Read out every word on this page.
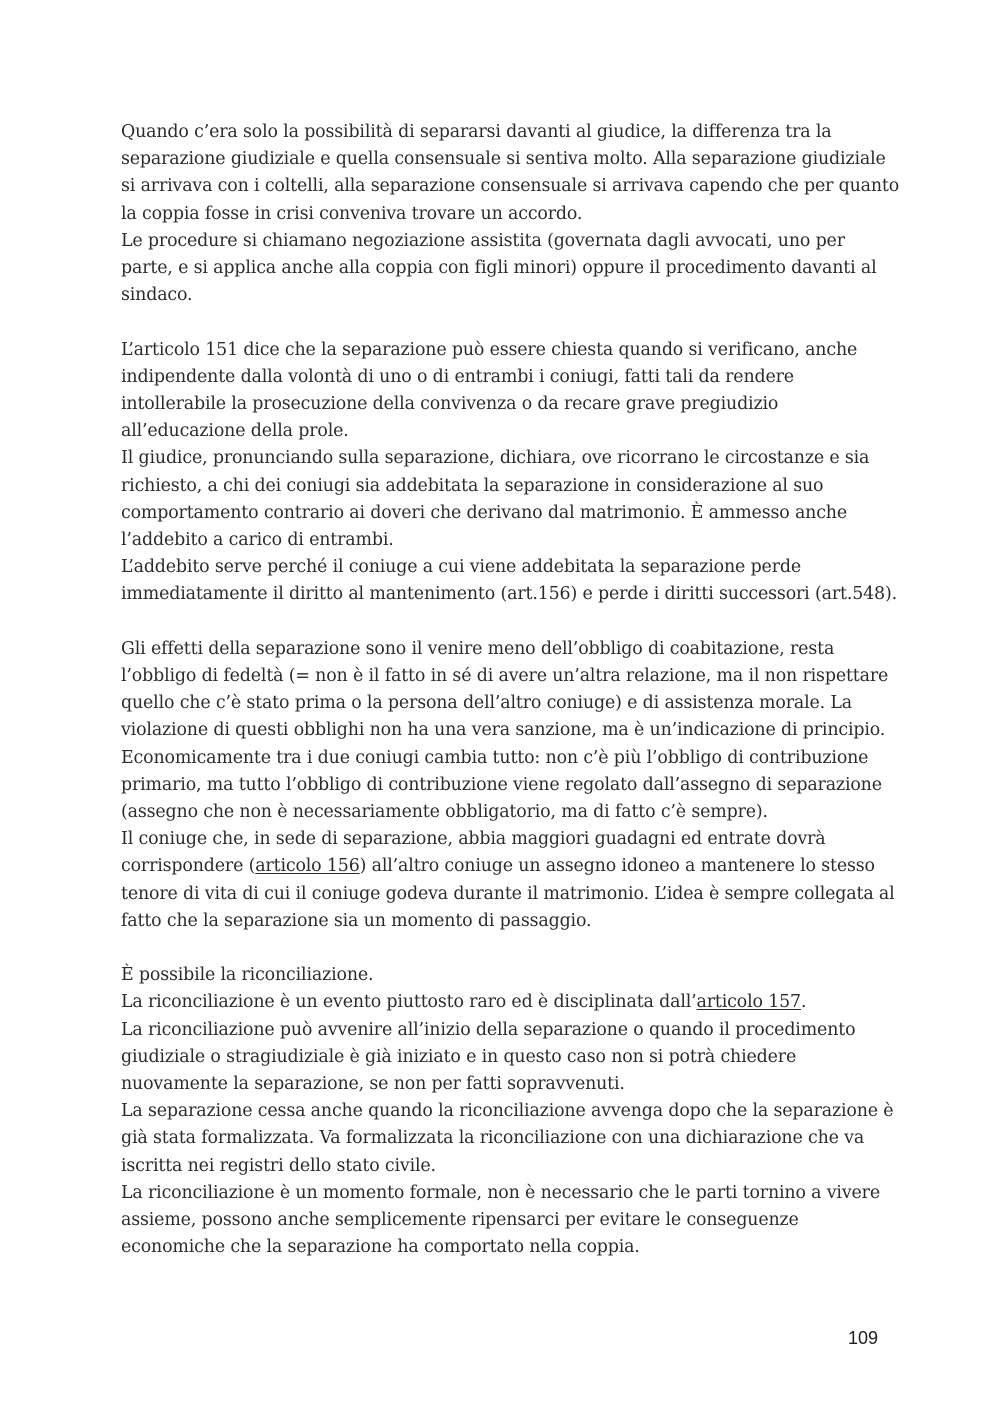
Quando c’era solo la possibilità di separarsi davanti al giudice, la differenza tra la
separazione giudiziale e quella consensuale si sentiva molto. Alla separazione giudiziale
si arrivava con i coltelli, alla separazione consensuale si arrivava capendo che per quanto
la coppia fosse in crisi conveniva trovare un accordo.
Le procedure si chiamano negoziazione assistita (governata dagli avvocati, uno per
parte, e si applica anche alla coppia con figli minori) oppure il procedimento davanti al
sindaco.
L’articolo 151 dice che la separazione può essere chiesta quando si verificano, anche
indipendente dalla volontà di uno o di entrambi i coniugi, fatti tali da rendere
intollerabile la prosecuzione della convivenza o da recare grave pregiudizio
all’educazione della prole.
Il giudice, pronunciando sulla separazione, dichiara, ove ricorrano le circostanze e sia
richiesto, a chi dei coniugi sia addebitata la separazione in considerazione al suo
comportamento contrario ai doveri che derivano dal matrimonio. È ammesso anche
l’addebito a carico di entrambi.
L’addebito serve perché il coniuge a cui viene addebitata la separazione perde
immediatamente il diritto al mantenimento (art.156) e perde i diritti successori (art.548).
Gli effetti della separazione sono il venire meno dell’obbligo di coabitazione, resta
l’obbligo di fedeltà (= non è il fatto in sé di avere un’altra relazione, ma il non rispettare
quello che c’è stato prima o la persona dell’altro coniuge) e di assistenza morale. La
violazione di questi obblighi non ha una vera sanzione, ma è un’indicazione di principio.
Economicamente tra i due coniugi cambia tutto: non c’è più l’obbligo di contribuzione
primario, ma tutto l’obbligo di contribuzione viene regolato dall’assegno di separazione
(assegno che non è necessariamente obbligatorio, ma di fatto c’è sempre).
Il coniuge che, in sede di separazione, abbia maggiori guadagni ed entrate dovrà
corrispondere (articolo 156) all’altro coniuge un assegno idoneo a mantenere lo stesso
tenore di vita di cui il coniuge godeva durante il matrimonio. L’idea è sempre collegata al
fatto che la separazione sia un momento di passaggio.
È possibile la riconciliazione.
La riconciliazione è un evento piuttosto raro ed è disciplinata dall’articolo 157.
La riconciliazione può avvenire all’inizio della separazione o quando il procedimento
giudiziale o stragiudiziale è già iniziato e in questo caso non si potrà chiedere
nuovamente la separazione, se non per fatti sopravvenuti.
La separazione cessa anche quando la riconciliazione avvenga dopo che la separazione è
già stata formalizzata. Va formalizzata la riconciliazione con una dichiarazione che va
iscritta nei registri dello stato civile.
La riconciliazione è un momento formale, non è necessario che le parti tornino a vivere
assieme, possono anche semplicemente ripensarci per evitare le conseguenze
economiche che la separazione ha comportato nella coppia.
109
